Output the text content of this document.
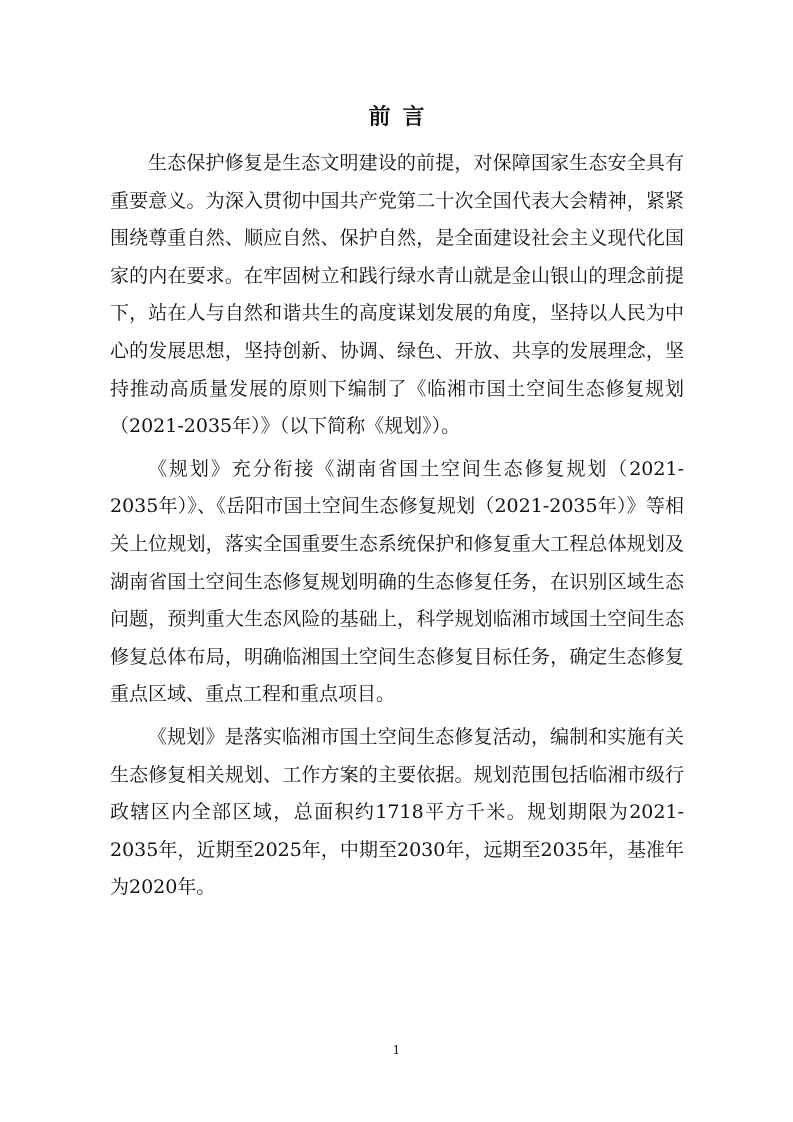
前言

生态保护修复是生态文明建设的前提，对保障国家生态安全具有重要意义。为深入贯彻中国共产党第二十次全国代表大会精神，紧紧围绕尊重自然、顺应自然、保护自然，是全面建设社会主义现代化国家的内在要求。在牢固树立和践行绿水青山就是金山银山的理念前提下，站在人与自然和谐共生的高度谋划发展的角度，坚持以人民为中心的发展思想，坚持创新、协调、绿色、开放、共享的发展理念，坚持推动高质量发展的原则下编制了《临湘市国土空间生态修复规划（2021-2035年）》（以下简称《规划》）。

《规划》充分衔接《湖南省国土空间生态修复规划（2021-2035年）》、《岳阳市国土空间生态修复规划（2021-2035年）》等相关上位规划，落实全国重要生态系统保护和修复重大工程总体规划及湖南省国土空间生态修复规划明确的生态修复任务，在识别区域生态问题，预判重大生态风险的基础上，科学规划临湘市域国土空间生态修复总体布局，明确临湘国土空间生态修复目标任务，确定生态修复重点区域、重点工程和重点项目。

《规划》是落实临湘市国土空间生态修复活动，编制和实施有关生态修复相关规划、工作方案的主要依据。规划范围包括临湘市级行政辖区内全部区域，总面积约1718平方千米。规划期限为2021-2035年，近期至2025年，中期至2030年，远期至2035年，基准年为2020年。

1
